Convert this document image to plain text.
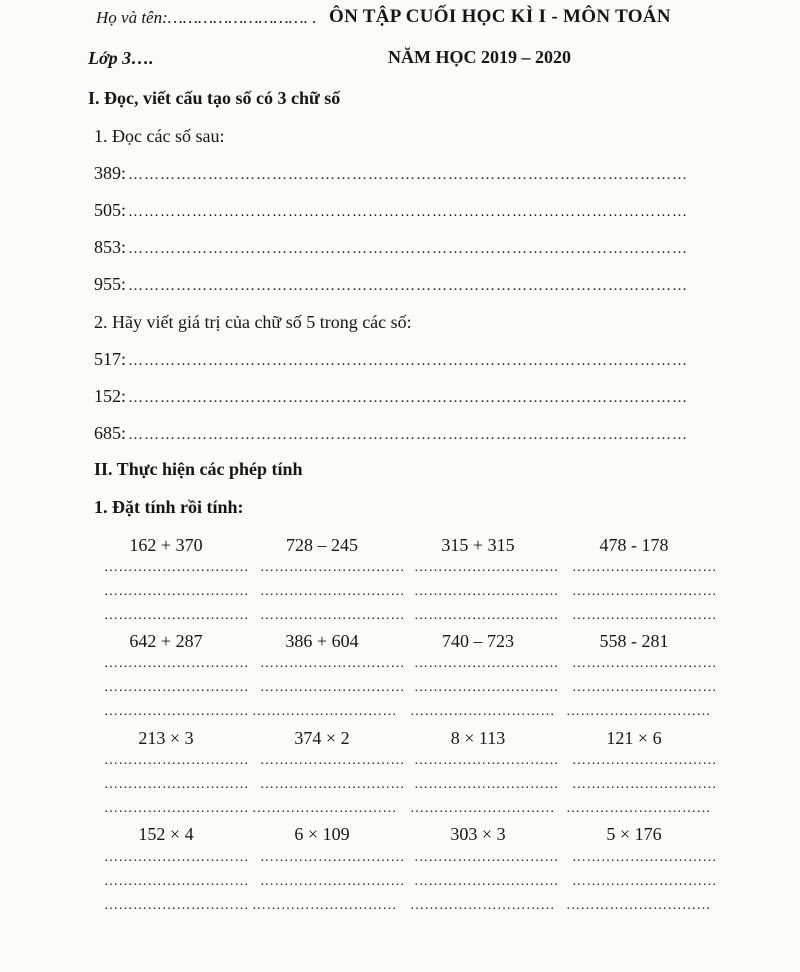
Họ và tên:………………………. . ÔN TẬP CUỐI HỌC KÌ I - MÔN TOÁN
Lớp 3….	NĂM HỌC 2019 – 2020
I. Đọc, viết cấu tạo số có 3 chữ số
1. Đọc các số sau:
389: ……………………………………………………………………………………………
505:……………………………………………………………………………………………
853:……………………………………………………………………………………………
955:……………………………………………………………………………………………
2. Hãy viết giá trị của chữ số 5 trong các số:
517:……………………………………………………………………………………………
152: ……………………………………………………………………………………………
685:……………………………………………………………………………………………
II. Thực hiện các phép tính
1. Đặt tính rồi tính:
162 + 370	728 – 245	315 + 315	478 - 178
………………………… ………………………… ………………………… …………………………
………………………… ………………………… ………………………… …………………………
………………………… ………………………… ………………………… …………………………
642 + 287	386 + 604	740 – 723	558 - 281
………………………… ………………………… ………………………… …………………………
………………………… ………………………… ………………………… …………………………
………………………… ………………………… ………………………… …………………………
213 × 3	374 × 2	8 × 113	121 × 6
………………………… ………………………… ………………………… …………………………
………………………… ………………………… ………………………… …………………………
………………………… ………………………… ………………………… …………………………
152 × 4	6 × 109	303 × 3	5 × 176
………………………… ………………………… ………………………… …………………………
………………………… ………………………… ………………………… …………………………
………………………… ………………………… ………………………… …………………………
